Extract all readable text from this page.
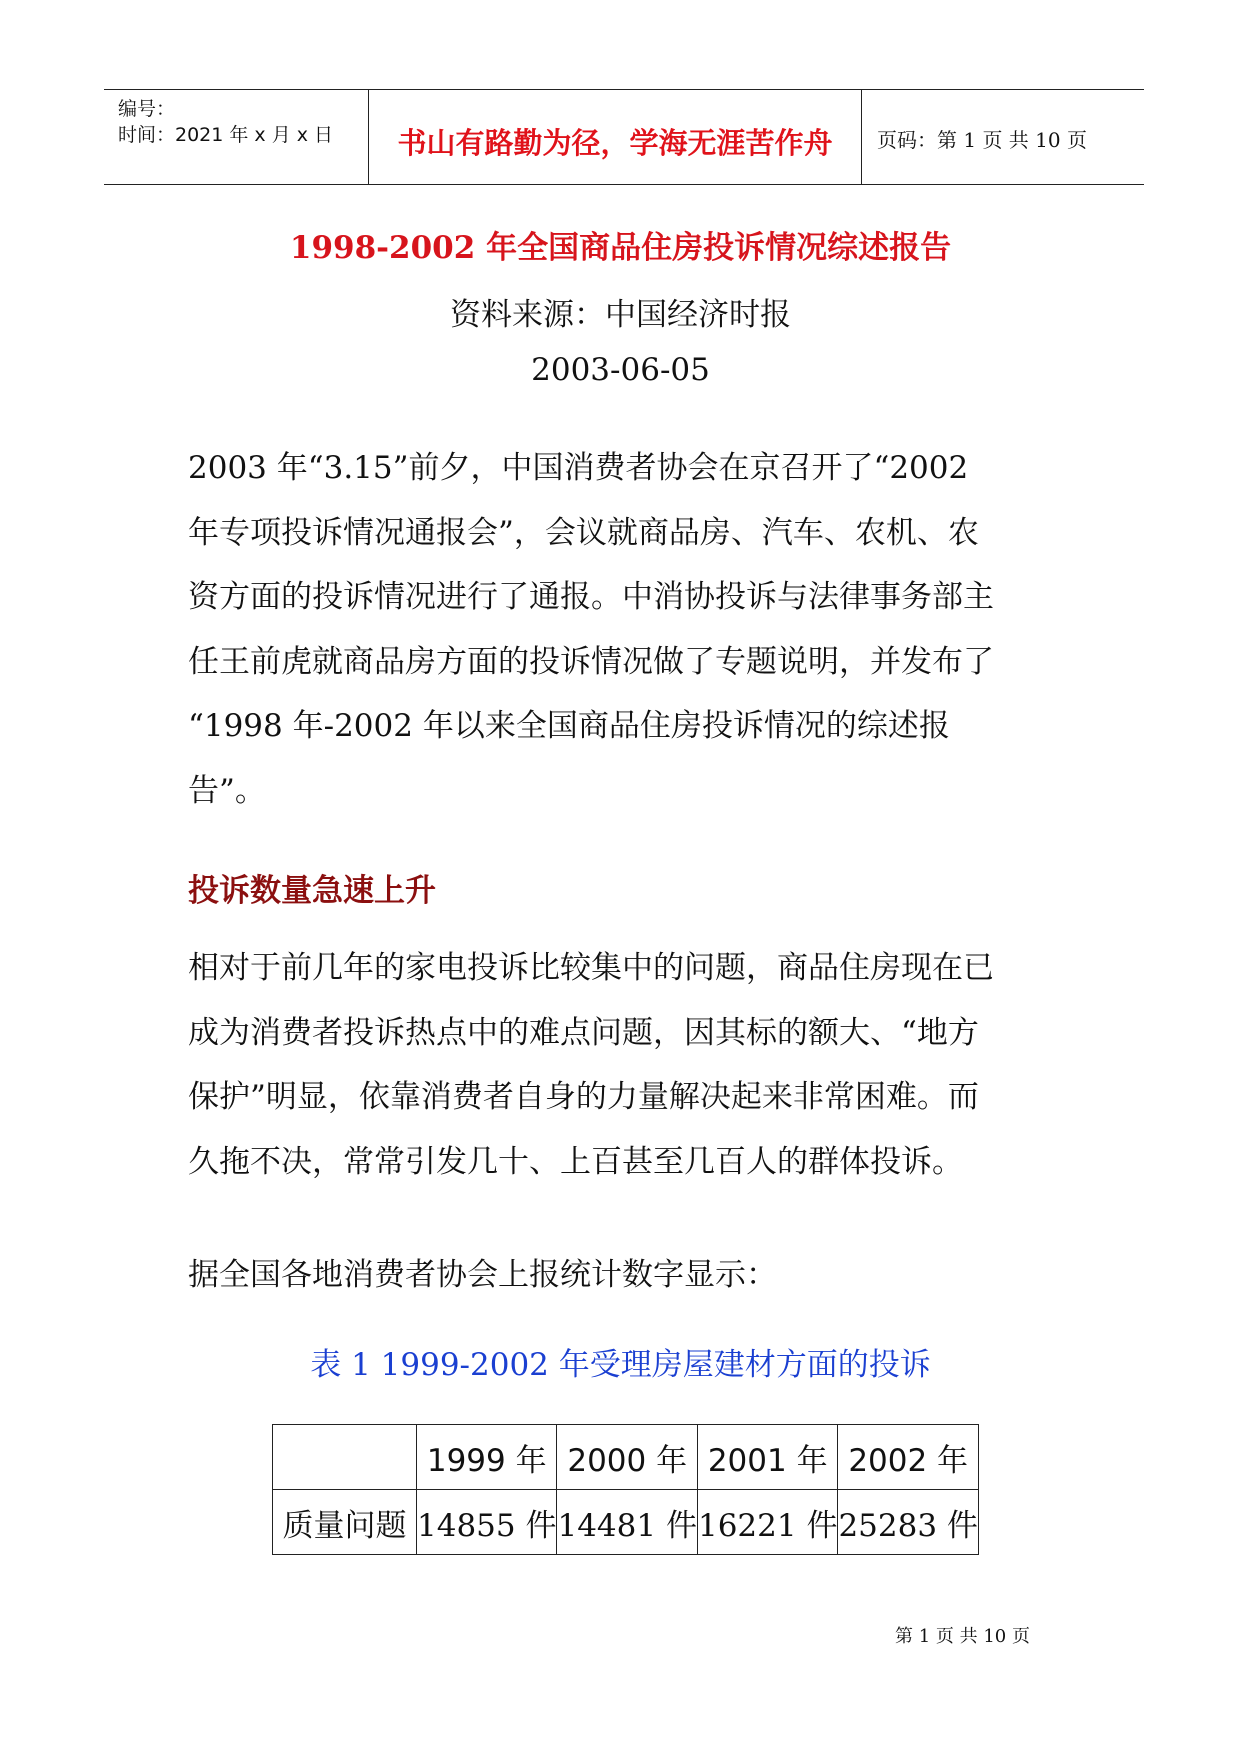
编号：
时间：2021 年 x 月 x 日	书山有路勤为径，学海无涯苦作舟	页码：第 1 页 共 10 页
1998-2002 年全国商品住房投诉情况综述报告
资料来源：中国经济时报
2003-06-05
2003 年“3.15”前夕，中国消费者协会在京召开了“2002
年专项投诉情况通报会”，会议就商品房、汽车、农机、农
资方面的投诉情况进行了通报。中消协投诉与法律事务部主
任王前虎就商品房方面的投诉情况做了专题说明，并发布了
“1998 年-2002 年以来全国商品住房投诉情况的综述报
告”。
投诉数量急速上升
相对于前几年的家电投诉比较集中的问题，商品住房现在已
成为消费者投诉热点中的难点问题，因其标的额大、“地方
保护”明显，依靠消费者自身的力量解决起来非常困难。而
久拖不决，常常引发几十、上百甚至几百人的群体投诉。
据全国各地消费者协会上报统计数字显示：
表 1 1999-2002 年受理房屋建材方面的投诉
	1999 年	2000 年	2001 年	2002 年
质量问题	14855 件	14481 件	16221 件	25283 件
第 1 页 共 10 页
